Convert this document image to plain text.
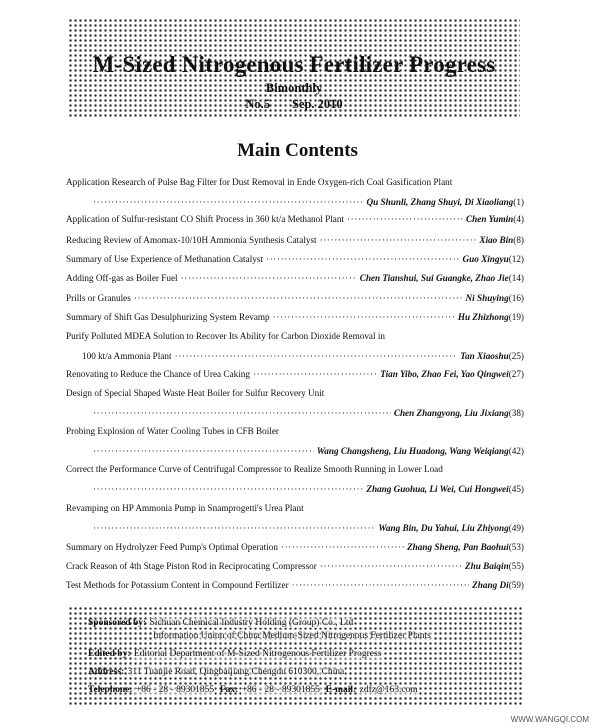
M-Sized Nitrogenous Fertilizer Progress
Bimonthly
No.5 Sep. 2010
Main Contents
Application Research of Pulse Bag Filter for Dust Removal in Ende Oxygen-rich Coal Gasification Plant
·····
Qu Shunli, Zhang Shuyi, Di Xiaoliang (1)
Application of Sulfur-resistant CO Shift Process in 360 kt/a Methanol Plant ·····	Chen Yumin (4)
Reducing Review of Amomax-10/10H Ammonia Synthesis Catalyst ·····	Xiao Bin (8)
Summary of Use Experience of Methanation Catalyst ·····	Guo Xingyu (12)
Adding Off-gas as Boiler Fuel ·····	Chen Tianshui, Sui Guangke, Zhao Jie (14)
Prills or Granules ·····	Ni Shuying (16)
Summary of Shift Gas Desulphurizing System Revamp ·····	Hu Zhizhong (19)
Purify Polluted MDEA Solution to Recover Its Ability for Carbon Dioxide Removal in
100 kt/a Ammonia Plant ·····	Tan Xiaoshu (25)
Renovating to Reduce the Chance of Urea Caking ·····	Tian Yibo, Zhao Fei, Yao Qingwei (27)
Design of Special Shaped Waste Heat Boiler for Sulfur Recovery Unit
·····
Chen Zhangyong, Liu Jixiang (38)
Probing Explosion of Water Cooling Tubes in CFB Boiler
·····
Wang Changsheng, Liu Huadong, Wang Weiqiang (42)
Correct the Performance Curve of Centrifugal Compressor to Realize Smooth Running in Lower Load
·····
Zhang Guohua, Li Wei, Cui Hongwei (45)
Revamping on HP Ammonia Pump in Snamprogetti's Urea Plant
·····
Wang Bin, Du Yahui, Liu Zhiyong (49)
Summary on Hydrolyzer Feed Pump's Optimal Operation ·····	Zhang Sheng, Pan Baohui (53)
Crack Reason of 4th Stage Piston Rod in Reciprocating Compressor ·····	Zhu Baiqin (55)
Test Methods for Potassium Content in Compound Fertilizer ·····	Zhang Di (59)
Sponsored by: Sichuan Chemical Industry Holding (Group) Co., Ltd
Information Union of China Medium-Sized Nitrogenous Fertilizer Plants
Edited by: Editorial Department of M-Sized Nitrogenous Fertilizer Progress
Address: 311 Tuanjie Road, Qingbaijiang Chengdu 610300, China
Telephone: +86 - 28 - 89301855 Fax: +86 - 28 - 89301855 E-mail: zdfz@163.com
WWW.WANGQI.COM
